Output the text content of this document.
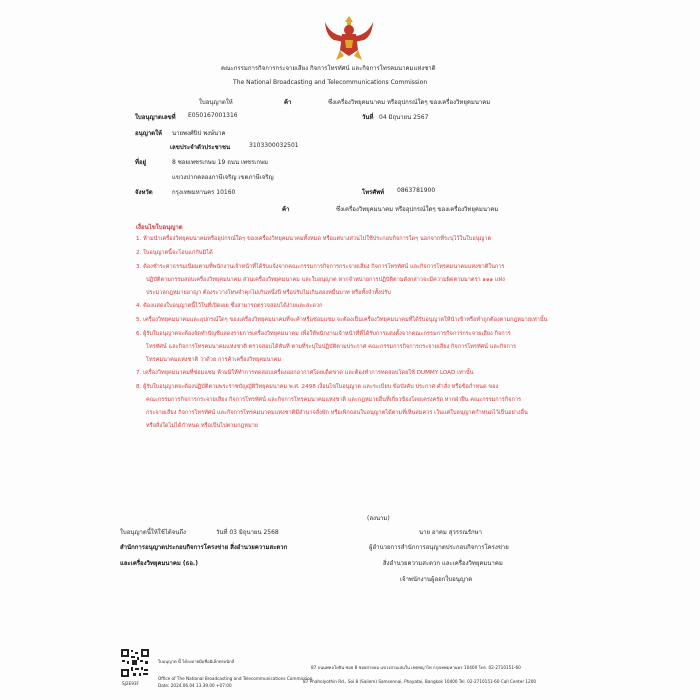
คณะกรรมการกิจการกระจายเสียง กิจการโทรทัศน์ และกิจการโทรคมนาคมแห่งชาติ
The National Broadcasting and Telecommunications Commission
ใบอนุญาตให้	ค้า	ซึ่งเครื่องวิทยุคมนาคม หรืออุปกรณ์ใดๆ ของเครื่องวิทยุคมนาคม
ใบอนุญาตเลขที่ E050167001316	วันที่ 04 มิถุนายน 2567
อนุญาตให้ นายพงศ์ปิป พงษ์นาค
เลขประจำตัวประชาชน	3103300032501
ที่อยู่	8 ซอยเพชรเกษม 19 ถนน เพชรเกษม
แขวงปากคลองภาษีเจริญ เขตภาษีเจริญ
จังหวัด	กรุงเทพมหานคร 10160	โทรศัพท์ 0863781900
ค้า	ซึ่งเครื่องวิทยุคมนาคม หรืออุปกรณ์ใดๆ ของเครื่องวิทยุคมนาคม
เงื่อนไขใบอนุญาต
1. ห้ามนำเครื่องวิทยุคมนาคมหรืออุปกรณ์ใดๆ ของเครื่องวิทยุคมนาคมทั้งหมด หรือแต่บางส่วนไปใช้ประกอบกิจการใดๆ นอกจากที่ระบุไว้ในใบอนุญาต
2. ใบอนุญาตนี้จะโอนแก่กันมิได้
3. ต้องชำระค่าธรรมเนียมตามที่พนักงานเจ้าหน้าที่ได้รับแจ้งจากคณะกรรมการกิจการกระจายเสียง กิจการโทรทัศน์ และกิจการโทรคมนาคมแห่งชาติในการ
ปฏิบัติตามกรรมสอบเครื่องวิทยุคมนาคม ส่วนเครื่องวิทยุคมนาคม และใบอนุญาต หากจำหน่ายการปฏิบัติตามดังกล่าวจะมีความผิดตามมาตรา ๑๑๑ แห่ง
ประมวลกฎหมายอาญา ต้องระวางโทษจำคุกไม่เกินหนึ่งปี หรือปรับไม่เกินสองหมื่นบาท หรือทั้งจำทั้งปรับ
4. ต้องแสดงใบอนุญาตนี้ไว้ในที่เปิดเผย ซึ่งสามารถตรวจสอบได้ง่ายและสะดวก
5. เครื่องวิทยุคมนาคมและอุปกรณ์ใดๆ ของเครื่องวิทยุคมนาคมที่จะค้าหรือซ่อมแซม จะต้องเป็นเครื่องวิทยุคมนาคมที่ได้รับอนุญาตให้นำเข้าหรือทำถูกต้องตามกฎหมายเท่านั้น
6. ผู้รับใบอนุญาตจะต้องจัดทำบัญชีแสดงรายการเครื่องวิทยุคมนาคม เพื่อให้พนักงานเจ้าหน้าที่ที่ได้รับการแต่งตั้งจากคณะกรรมการกิจการกระจายเสียง กิจการ
โทรทัศน์ และกิจการโทรคมนาคมแห่งชาติ ตรวจสอบได้ทันที ตามที่ระบุในปฏิบัติตามประกาศ คณะกรรมการกิจการกระจายเสียง กิจการโทรทัศน์ และกิจการ
โทรคมนาคมแห่งชาติ ว่าด้วย การค้าเครื่องวิทยุคมนาคม
7. เครื่องวิทยุคมนาคมที่ซ่อมแซม ห้ามมิให้ทำการทดสอบเครื่องออกอากาศโดยเด็ดขาด และต้องทำการทดสอบโดยใช้ DUMMY LOAD เท่านั้น
8. ผู้รับใบอนุญาตจะต้องปฏิบัติตามพระราชบัญญัติวิทยุคมนาคม พ.ศ. 2498 เงื่อนไขใบอนุญาต และระเบียบ ข้อบังคับ ประกาศ คำสั่ง หรือข้อกำหนด ของ
คณะกรรมการกิจการกระจายเสียง กิจการโทรทัศน์ และกิจการโทรคมนาคมแห่งชาติ และกฎหมายอื่นที่เกี่ยวข้องโดยเคร่งครัด หากฝ่าฝืน คณะกรรมการกิจการ
กระจายเสียง กิจการโทรทัศน์ และกิจการโทรคมนาคมแห่งชาติมีอำนาจสั่งพัก หรือเพิกถอนใบอนุญาตได้ตามที่เห็นสมควร เว้นแต่ใบอนุญาตกำหนดไว้เป็นอย่างอื่น
หรือสิ่งใดไม่ได้กำหนด หรือเป็นไปตามกฎหมาย
ใบอนุญาตนี้ให้ใช้ได้จนถึง	วันที่ 03 มิถุนายน 2568
สำนักการอนุญาตประกอบกิจการโครงข่าย สิ่งอำนวยความสะดวก
และเครื่องวิทยุคมนาคม (ธอ.)
(ลงนาม)
นาย อาคม สุวรรณรักษา
ผู้อำนวยการสำนักการอนุญาตประกอบกิจการโครงข่าย
สิ่งอำนวยความสะดวก และเครื่องวิทยุคมนาคม
เจ้าพนักงานผู้ออกใบอนุญาต
SJ2E93F
ใบอนุญาต นี้ ได้ลงลายมือชื่ออิเล็กทรอนิกส์
Office of The National Broadcasting and Telecommunications Commission
Date: 2024.06.04 13.39.00 +07:00
87 ถนนพหลโยธิน ซอย 8 ซอยสายลม แขวงสามเสนใน เขตพญาไท กรุงเทพมหานคร 10400 โทร. 02-2710151-60
87 Phaholyothin Rd., Soi 8 (Sailom) Samsennai, Phayatai, Bangkok 10400 Tel. 02-2710151-60 Call Center 1200
